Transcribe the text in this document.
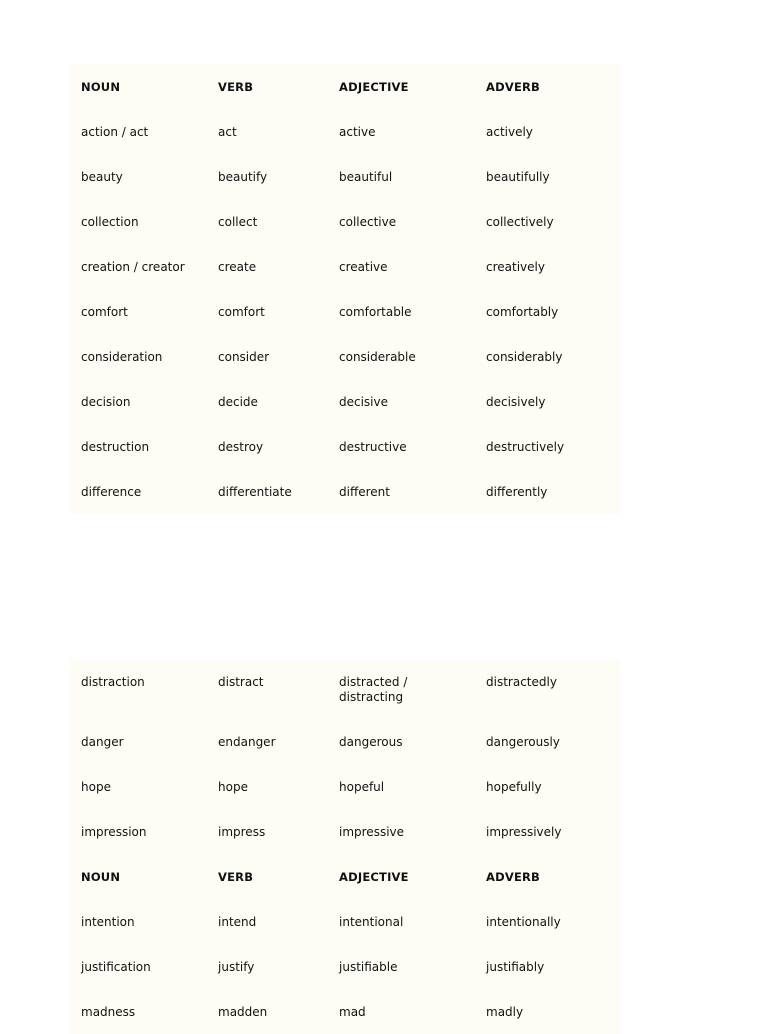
NOUN	VERB	ADJECTIVE	ADVERB
action / act	act	active	actively
beauty	beautify	beautiful	beautifully
collection	collect	collective	collectively
creation / creator	create	creative	creatively
comfort	comfort	comfortable	comfortably
consideration	consider	considerable	considerably
decision	decide	decisive	decisively
destruction	destroy	destructive	destructively
difference	differentiate	different	differently
distraction	distract	distracted / distracting	distractedly
danger	endanger	dangerous	dangerously
hope	hope	hopeful	hopefully
impression	impress	impressive	impressively
NOUN	VERB	ADJECTIVE	ADVERB
intention	intend	intentional	intentionally
justification	justify	justifiable	justifiably
madness	madden	mad	madly
